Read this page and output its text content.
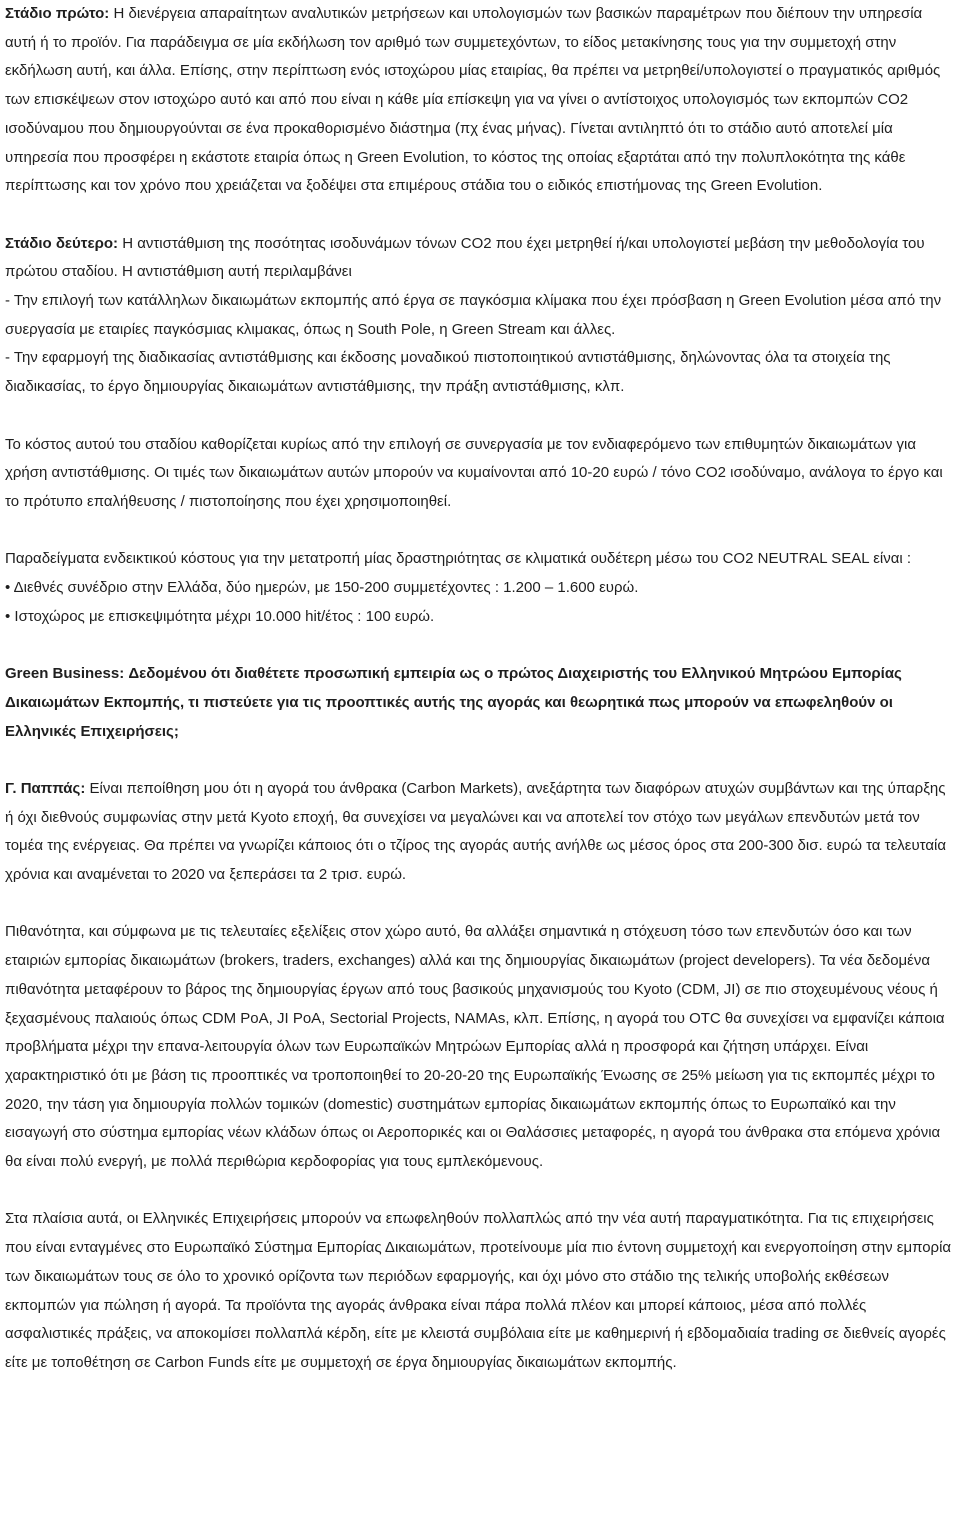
Στάδιο πρώτο: Η διενέργεια απαραίτητων αναλυτικών μετρήσεων και υπολογισμών των βασικών παραμέτρων που διέπουν την υπηρεσία αυτή ή το προϊόν. Για παράδειγμα σε μία εκδήλωση τον αριθμό των συμμετεχόντων, το είδος μετακίνησης τους για την συμμετοχή στην εκδήλωση αυτή, και άλλα. Επίσης, στην περίπτωση ενός ιστοχώρου μίας εταιρίας, θα πρέπει να μετρηθεί/υπολογιστεί ο πραγματικός αριθμός των επισκέψεων στον ιστοχώρο αυτό και από που είναι η κάθε μία επίσκεψη για να γίνει ο αντίστοιχος υπολογισμός των εκπομπών CO2 ισοδύναμου που δημιουργούνται σε ένα προκαθορισμένο διάστημα (πχ ένας μήνας). Γίνεται αντιληπτό ότι το στάδιο αυτό αποτελεί μία υπηρεσία που προσφέρει η εκάστοτε εταιρία όπως η Green Evolution, το κόστος της οποίας εξαρτάται από την πολυπλοκότητα της κάθε περίπτωσης και τον χρόνο που χρειάζεται να ξοδέψει στα επιμέρους στάδια του ο ειδικός επιστήμονας της Green Evolution.

Στάδιο δεύτερο: Η αντιστάθμιση της ποσότητας ισοδυνάμων τόνων CO2 που έχει μετρηθεί ή/και υπολογιστεί μεβάση την μεθοδολογία του πρώτου σταδίου. Η αντιστάθμιση αυτή περιλαμβάνει

- Την επιλογή των κατάλληλων δικαιωμάτων εκπομπής από έργα σε παγκόσμια κλίμακα που έχει πρόσβαση η Green Evolution μέσα από την συεργασία με εταιρίες παγκόσμιας κλιμακας, όπως η South Pole, η Green Stream και άλλες.

- Την εφαρμογή της διαδικασίας αντιστάθμισης και έκδοσης μοναδικού πιστοποιητικού αντιστάθμισης, δηλώνοντας όλα τα στοιχεία της διαδικασίας, το έργο δημιουργίας δικαιωμάτων αντιστάθμισης, την πράξη αντιστάθμισης, κλπ.

Το κόστος αυτού του σταδίου καθορίζεται κυρίως από την επιλογή σε συνεργασία με τον ενδιαφερόμενο των επιθυμητών δικαιωμάτων για χρήση αντιστάθμισης. Οι τιμές των δικαιωμάτων αυτών μπορούν να κυμαίνονται από 10-20 ευρώ / τόνο CO2 ισοδύναμο, ανάλογα το έργο και το πρότυπο επαλήθευσης / πιστοποίησης που έχει χρησιμοποιηθεί.

Παραδείγματα ενδεικτικού κόστους για την μετατροπή μίας δραστηριότητας σε κλιματικά ουδέτερη μέσω του CO2 NEUTRAL SEAL είναι :

• Διεθνές συνέδριο στην Ελλάδα, δύο ημερών, με 150-200 συμμετέχοντες : 1.200 – 1.600 ευρώ.

• Ιστοχώρος με επισκεψιμότητα μέχρι 10.000 hit/έτος : 100 ευρώ.

Green Business: Δεδομένου ότι διαθέτετε προσωπική εμπειρία ως ο πρώτος Διαχειριστής του Ελληνικού Μητρώου Εμπορίας Δικαιωμάτων Εκπομπής, τι πιστεύετε για τις προοπτικές αυτής της αγοράς και θεωρητικά πως μπορούν να επωφεληθούν οι Ελληνικές Επιχειρήσεις;

Γ. Παππάς: Είναι πεποίθηση μου ότι η αγορά του άνθρακα (Carbon Markets), ανεξάρτητα των διαφόρων ατυχών συμβάντων και της ύπαρξης ή όχι διεθνούς συμφωνίας στην μετά Kyoto εποχή, θα συνεχίσει να μεγαλώνει και να αποτελεί τον στόχο των μεγάλων επενδυτών μετά τον τομέα της ενέργειας. Θα πρέπει να γνωρίζει κάποιος ότι ο τζίρος της αγοράς αυτής ανήλθε ως μέσος όρος στα 200-300 δισ. ευρώ τα τελευταία χρόνια και αναμένεται το 2020 να ξεπεράσει τα 2 τρισ. ευρώ.

Πιθανότητα, και σύμφωνα με τις τελευταίες εξελίξεις στον χώρο αυτό, θα αλλάξει σημαντικά η στόχευση τόσο των επενδυτών όσο και των εταιριών εμπορίας δικαιωμάτων (brokers, traders, exchanges) αλλά και της δημιουργίας δικαιωμάτων (project developers). Τα νέα δεδομένα πιθανότητα μεταφέρουν το βάρος της δημιουργίας έργων από τους βασικούς μηχανισμούς του Kyoto (CDM, JI) σε πιο στοχευμένους νέους ή ξεχασμένους παλαιούς όπως CDM PoA, JI PoA, Sectorial Projects, NAMAs, κλπ. Επίσης, η αγορά του OTC θα συνεχίσει να εμφανίζει κάποια προβλήματα μέχρι την επανα-λειτουργία όλων των Ευρωπαϊκών Μητρώων Εμπορίας αλλά η προσφορά και ζήτηση υπάρχει. Είναι χαρακτηριστικό ότι με βάση τις προοπτικές να τροποποιηθεί το 20-20-20 της Ευρωπαϊκής Ένωσης σε 25% μείωση για τις εκπομπές μέχρι το 2020, την τάση για δημιουργία πολλών τομικών (domestic) συστημάτων εμπορίας δικαιωμάτων εκπομπής όπως το Ευρωπαϊκό και την εισαγωγή στο σύστημα εμπορίας νέων κλάδων όπως οι Αεροπορικές και οι Θαλάσσιες μεταφορές, η αγορά του άνθρακα στα επόμενα χρόνια θα είναι πολύ ενεργή, με πολλά περιθώρια κερδοφορίας για τους εμπλεκόμενους.

Στα πλαίσια αυτά, οι Ελληνικές Επιχειρήσεις μπορούν να επωφεληθούν πολλαπλώς από την νέα αυτή παραγματικότητα. Για τις επιχειρήσεις που είναι ενταγμένες στο Ευρωπαϊκό Σύστημα Εμπορίας Δικαιωμάτων, προτείνουμε μία πιο έντονη συμμετοχή και ενεργοποίηση στην εμπορία των δικαιωμάτων τους σε όλο το χρονικό ορίζοντα των περιόδων εφαρμογής, και όχι μόνο στο στάδιο της τελικής υποβολής εκθέσεων εκπομπών για πώληση ή αγορά. Τα προϊόντα της αγοράς άνθρακα είναι πάρα πολλά πλέον και μπορεί κάποιος, μέσα από πολλές ασφαλιστικές πράξεις, να αποκομίσει πολλαπλά κέρδη, είτε με κλειστά συμβόλαια είτε με καθημερινή ή εβδομαδιαία trading σε διεθνείς αγορές είτε με τοποθέτηση σε Carbon Funds είτε με συμμετοχή σε έργα δημιουργίας δικαιωμάτων εκπομπής.
